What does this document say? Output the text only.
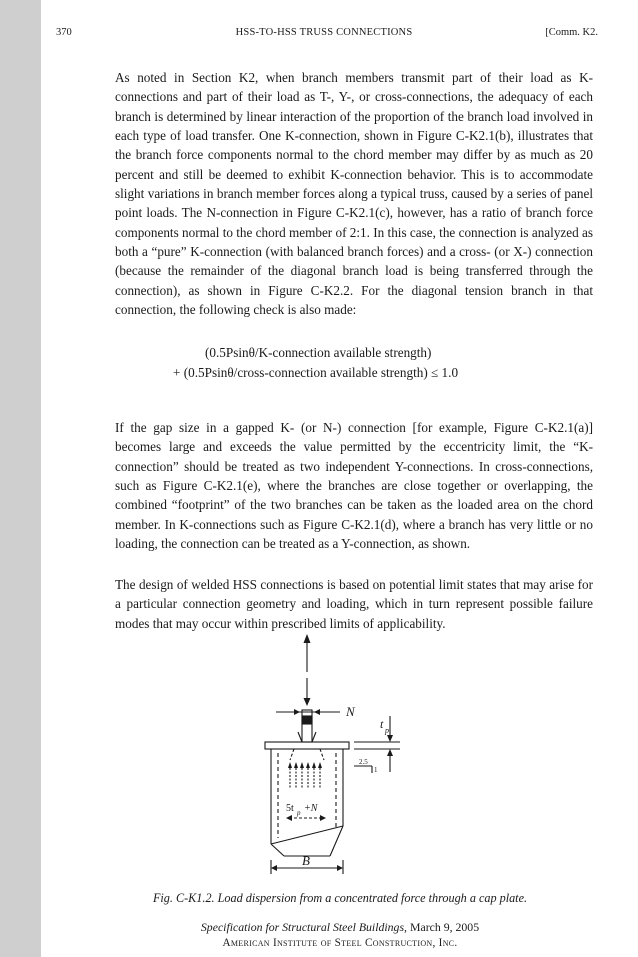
370	HSS-TO-HSS TRUSS CONNECTIONS	[Comm. K2.

As noted in Section K2, when branch members transmit part of their load as K-connections and part of their load as T-, Y-, or cross-connections, the adequacy of each branch is determined by linear interaction of the proportion of the branch load involved in each type of load transfer. One K-connection, shown in Figure C-K2.1(b), illustrates that the branch force components normal to the chord member may differ by as much as 20 percent and still be deemed to exhibit K-connection behavior. This is to accommodate slight variations in branch member forces along a typical truss, caused by a series of panel point loads. The N-connection in Figure C-K2.1(c), however, has a ratio of branch force components normal to the chord member of 2:1. In this case, the connection is analyzed as both a “pure” K-connection (with balanced branch forces) and a cross- (or X-) connection (because the remainder of the diagonal branch load is being transferred through the connection), as shown in Figure C-K2.2. For the diagonal tension branch in that connection, the following check is also made:

(0.5Psinθ/K-connection available strength)
+ (0.5Psinθ/cross-connection available strength) ≤ 1.0

If the gap size in a gapped K- (or N-) connection [for example, Figure C-K2.1(a)] becomes large and exceeds the value permitted by the eccentricity limit, the “K-connection” should be treated as two independent Y-connections. In cross-connections, such as Figure C-K2.1(e), where the branches are close together or overlapping, the combined “footprint” of the two branches can be taken as the loaded area on the chord member. In K-connections such as Figure C-K2.1(d), where a branch has very little or no loading, the connection can be treated as a Y-connection, as shown.

The design of welded HSS connections is based on potential limit states that may arise for a particular connection geometry and loading, which in turn represent possible failure modes that may occur within prescribed limits of applicability.

N
t p
5t p +N
B
2.5
1
Fig. C-K1.2. Load dispersion from a concentrated force through a cap plate.
Specification for Structural Steel Buildings, March 9, 2005
American Institute of Steel Construction, Inc.
